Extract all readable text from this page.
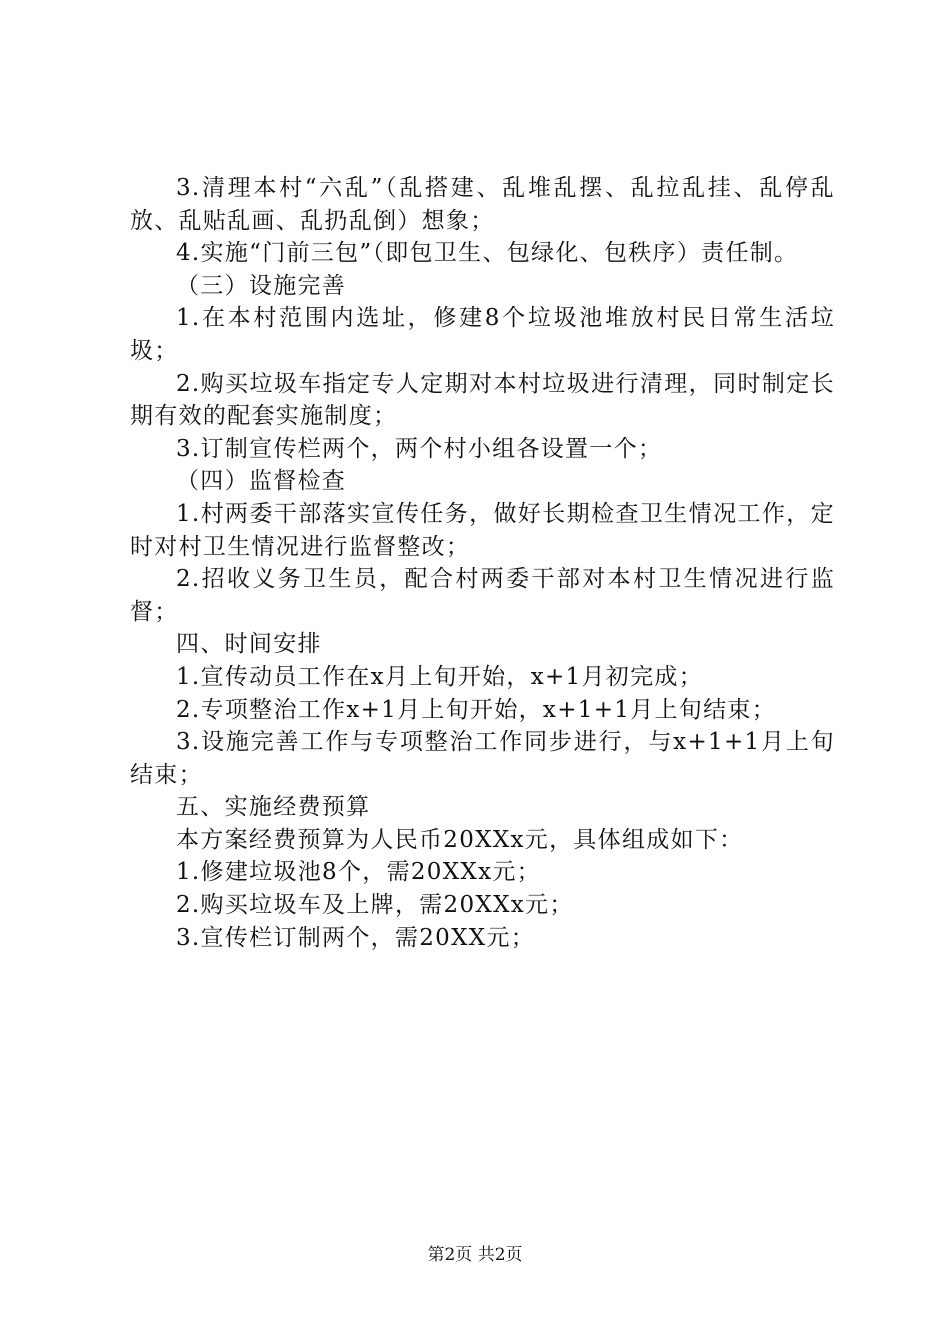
3.清理本村“六乱”（乱搭建、乱堆乱摆、乱拉乱挂、乱停乱放、乱贴乱画、乱扔乱倒）想象；

4.实施“门前三包”（即包卫生、包绿化、包秩序）责任制。

（三）设施完善

1.在本村范围内选址，修建8个垃圾池堆放村民日常生活垃圾；

2.购买垃圾车指定专人定期对本村垃圾进行清理，同时制定长期有效的配套实施制度；

3.订制宣传栏两个，两个村小组各设置一个；

（四）监督检查

1.村两委干部落实宣传任务，做好长期检查卫生情况工作，定时对村卫生情况进行监督整改；

2.招收义务卫生员，配合村两委干部对本村卫生情况进行监督；

四、时间安排

1.宣传动员工作在x月上旬开始，x+1月初完成；

2.专项整治工作x+1月上旬开始，x+1+1月上旬结束；

3.设施完善工作与专项整治工作同步进行，与x+1+1月上旬结束；

五、实施经费预算

本方案经费预算为人民币20XXx元，具体组成如下：

1.修建垃圾池8个，需20XXx元；

2.购买垃圾车及上牌，需20XXx元；

3.宣传栏订制两个，需20XX元；

第2页 共2页
